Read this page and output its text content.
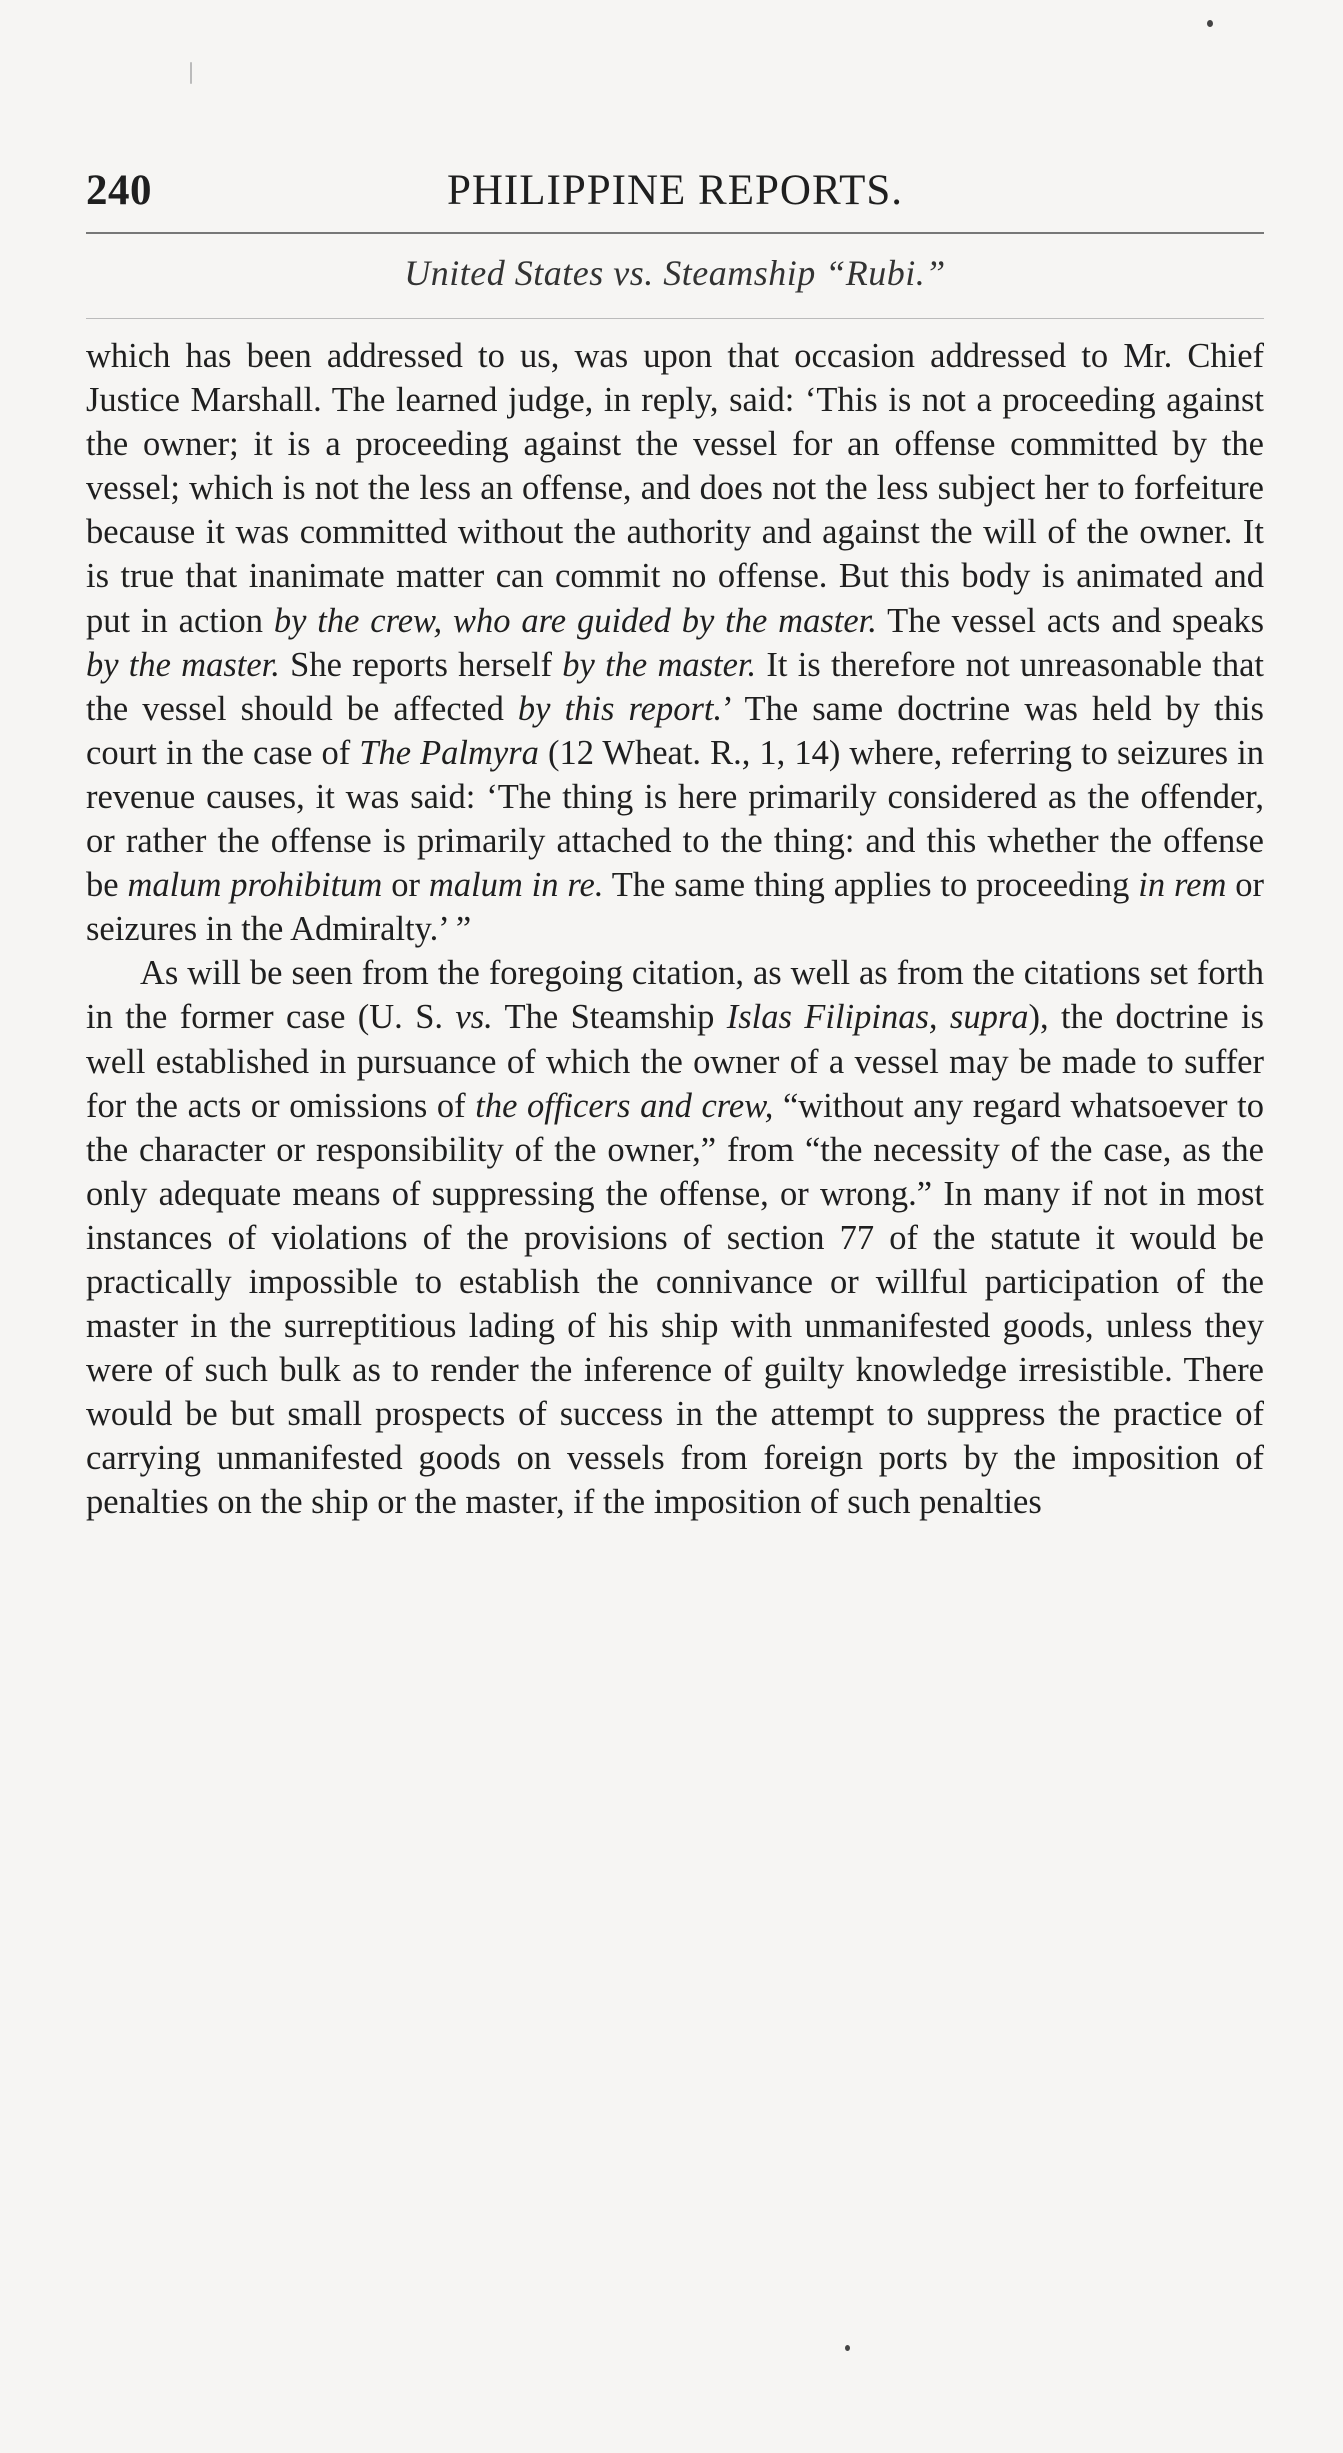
240	PHILIPPINE REPORTS.
United States vs. Steamship “Rubi.”

which has been addressed to us, was upon that occasion addressed to Mr. Chief Justice Marshall. The learned judge, in reply, said: ‘This is not a proceeding against the owner; it is a proceeding against the vessel for an offense committed by the vessel; which is not the less an offense, and does not the less subject her to forfeiture because it was committed without the authority and against the will of the owner. It is true that inanimate matter can commit no offense. But this body is animated and put in action by the crew, who are guided by the master. The vessel acts and speaks by the master. She reports herself by the master. It is therefore not unreasonable that the vessel should be affected by this report.’ The same doctrine was held by this court in the case of The Palmyra (12 Wheat. R., 1, 14) where, referring to seizures in revenue causes, it was said: ‘The thing is here primarily considered as the offender, or rather the offense is primarily attached to the thing: and this whether the offense be malum prohibitum or malum in re. The same thing applies to proceeding in rem or seizures in the Admiralty.’ ”

As will be seen from the foregoing citation, as well as from the citations set forth in the former case (U. S. vs. The Steamship Islas Filipinas, supra), the doctrine is well established in pursuance of which the owner of a vessel may be made to suffer for the acts or omissions of the officers and crew, “without any regard whatsoever to the character or responsibility of the owner,” from “the necessity of the case, as the only adequate means of suppressing the offense, or wrong.” In many if not in most instances of violations of the provisions of section 77 of the statute it would be practically impossible to establish the connivance or willful participation of the master in the surreptitious lading of his ship with unmanifested goods, unless they were of such bulk as to render the inference of guilty knowledge irresistible. There would be but small prospects of success in the attempt to suppress the practice of carrying unmanifested goods on vessels from foreign ports by the imposition of penalties on the ship or the master, if the imposition of such penalties
